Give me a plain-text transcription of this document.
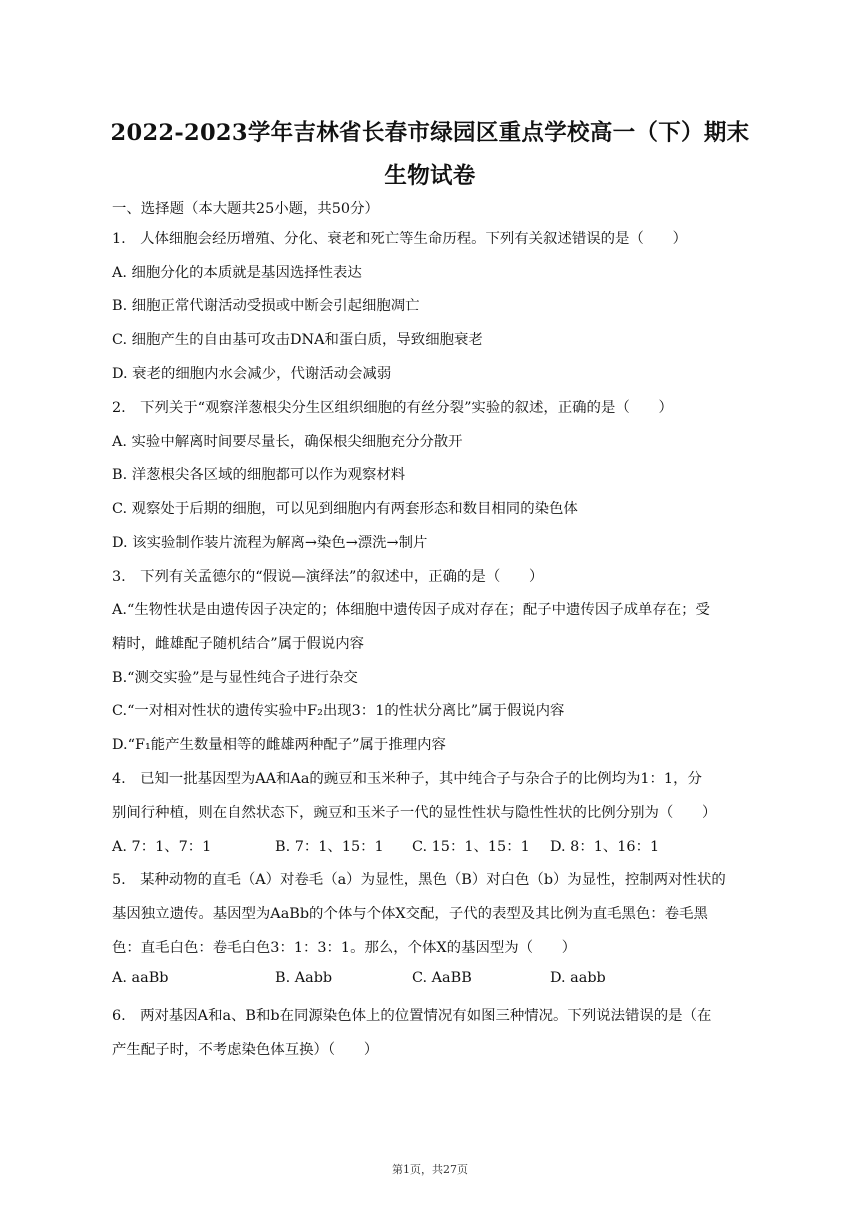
2022-2023学年吉林省长春市绿园区重点学校高一（下）期末
生物试卷
一、选择题（本大题共25小题，共50分）
1.　人体细胞会经历增殖、分化、衰老和死亡等生命历程。下列有关叙述错误的是（　　）
A. 细胞分化的本质就是基因选择性表达
B. 细胞正常代谢活动受损或中断会引起细胞凋亡
C. 细胞产生的自由基可攻击DNA和蛋白质，导致细胞衰老
D. 衰老的细胞内水会减少，代谢活动会减弱
2.　下列关于“观察洋葱根尖分生区组织细胞的有丝分裂”实验的叙述，正确的是（　　）
A. 实验中解离时间要尽量长，确保根尖细胞充分分散开
B. 洋葱根尖各区域的细胞都可以作为观察材料
C. 观察处于后期的细胞，可以见到细胞内有两套形态和数目相同的染色体
D. 该实验制作装片流程为解离→染色→漂洗→制片
3.　下列有关孟德尔的“假说—演绎法”的叙述中，正确的是（　　）
A.“生物性状是由遗传因子决定的；体细胞中遗传因子成对存在；配子中遗传因子成单存在；受
精时，雌雄配子随机结合”属于假说内容
B.“测交实验”是与显性纯合子进行杂交
C.“一对相对性状的遗传实验中F₂出现3：1的性状分离比”属于假说内容
D.“F₁能产生数量相等的雌雄两种配子”属于推理内容
4.　已知一批基因型为AA和Aa的豌豆和玉米种子，其中纯合子与杂合子的比例均为1：1，分
别间行种植，则在自然状态下，豌豆和玉米子一代的显性性状与隐性性状的比例分别为（　　）
A. 7：1、7：1	B. 7：1、15：1 C. 15：1、15：1 D. 8：1、16：1
5.　某种动物的直毛（A）对卷毛（a）为显性，黑色（B）对白色（b）为显性，控制两对性状的
基因独立遗传。基因型为AaBb的个体与个体X交配，子代的表型及其比例为直毛黑色：卷毛黑
色：直毛白色：卷毛白色3：1：3：1。那么，个体X的基因型为（　　）
A. aaBb	B. Aabb	C. AaBB	D. aabb
6.　两对基因A和a、B和b在同源染色体上的位置情况有如图三种情况。下列说法错误的是（在
产生配子时，不考虑染色体互换）（　　）
第1页，共27页
